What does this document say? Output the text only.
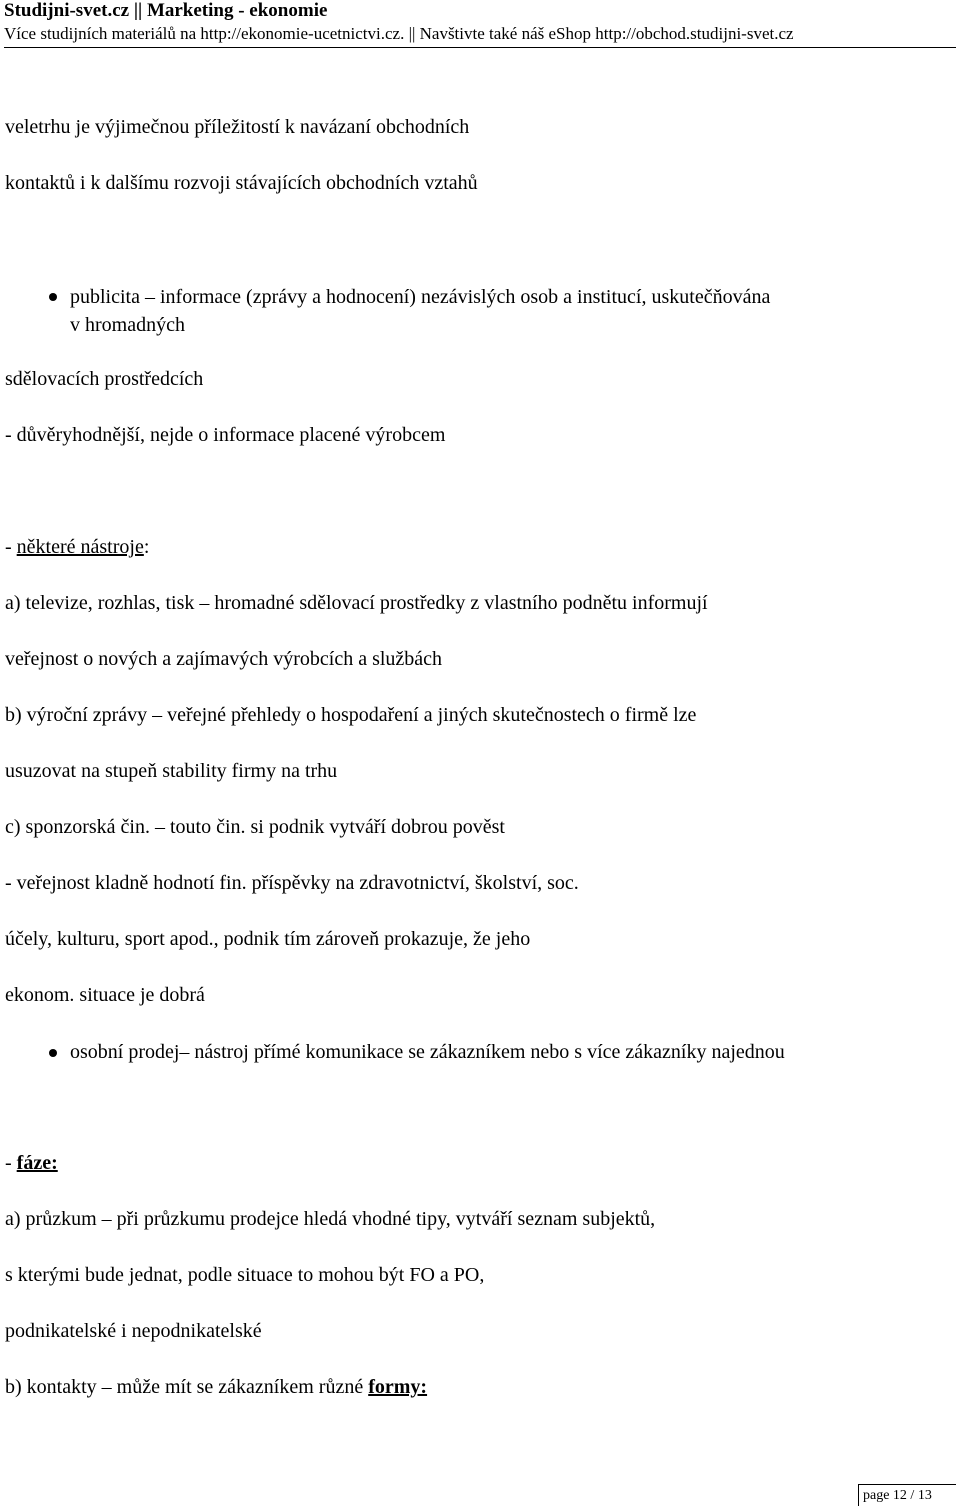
Studijni-svet.cz || Marketing - ekonomie
Více studijních materiálů na http://ekonomie-ucetnictvi.cz. || Navštivte také náš eShop http://obchod.studijni-svet.cz
veletrhu je výjimečnou příležitostí k navázaní obchodních
kontaktů i k dalšímu rozvoji stávajících obchodních vztahů
publicita – informace (zprávy a hodnocení) nezávislých osob a institucí, uskutečňována
v hromadných
sdělovacích prostředcích
- důvěryhodnější, nejde o informace placené výrobcem
- některé nástroje:
a) televize, rozhlas, tisk – hromadné sdělovací prostředky z vlastního podnětu informují
veřejnost o nových a zajímavých výrobcích a službách
b) výroční zprávy – veřejné přehledy o hospodaření a jiných skutečnostech o firmě lze
usuzovat na stupeň stability firmy na trhu
c) sponzorská čin. – touto čin. si podnik vytváří dobrou pověst
- veřejnost kladně hodnotí fin. příspěvky na zdravotnictví, školství, soc.
účely, kulturu, sport apod., podnik tím zároveň prokazuje, že jeho
ekonom. situace je dobrá
osobní prodej– nástroj přímé komunikace se zákazníkem nebo s více zákazníky najednou
- fáze:
a) průzkum – při průzkumu prodejce hledá vhodné tipy, vytváří seznam subjektů,
s kterými bude jednat, podle situace to mohou být FO a PO,
podnikatelské i nepodnikatelské
b) kontakty – může mít se zákazníkem různé formy:
page 12 / 13
